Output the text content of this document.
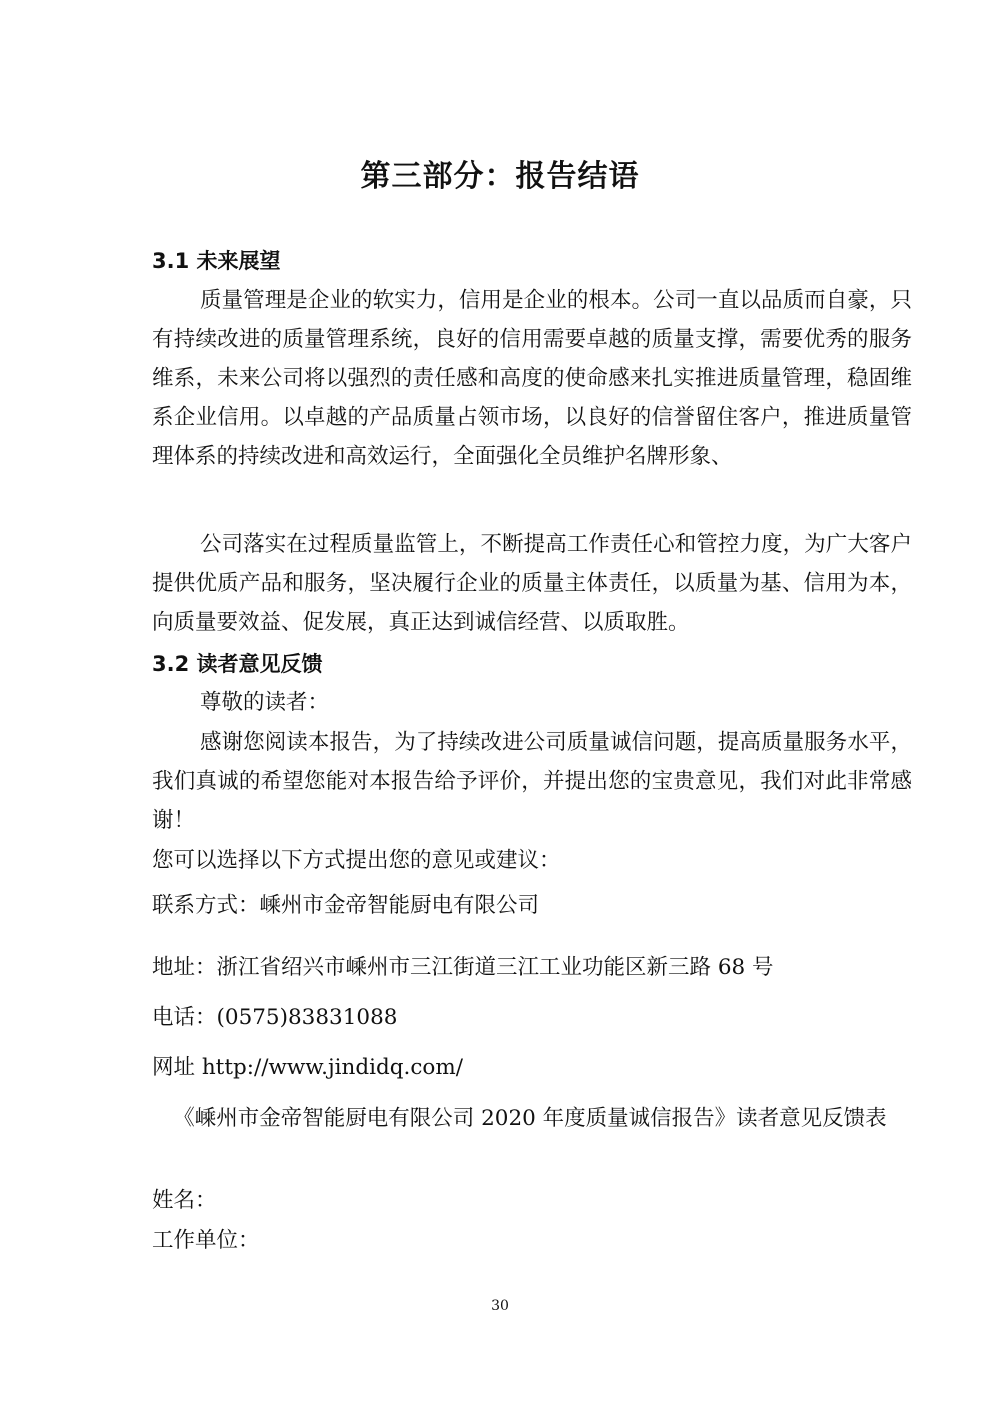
第三部分：报告结语
3.1 未来展望

质量管理是企业的软实力，信用是企业的根本。公司一直以品质而自豪，只有持续改进的质量管理系统，良好的信用需要卓越的质量支撑，需要优秀的服务维系，未来公司将以强烈的责任感和高度的使命感来扎实推进质量管理，稳固维系企业信用。以卓越的产品质量占领市场，以良好的信誉留住客户，推进质量管理体系的持续改进和高效运行，全面强化全员维护名牌形象、

公司落实在过程质量监管上，不断提高工作责任心和管控力度，为广大客户提供优质产品和服务，坚决履行企业的质量主体责任，以质量为基、信用为本，向质量要效益、促发展，真正达到诚信经营、以质取胜。

3.2 读者意见反馈
尊敬的读者：

感谢您阅读本报告，为了持续改进公司质量诚信问题，提高质量服务水平，我们真诚的希望您能对本报告给予评价，并提出您的宝贵意见，我们对此非常感谢！

您可以选择以下方式提出您的意见或建议：
联系方式：嵊州市金帝智能厨电有限公司
地址：浙江省绍兴市嵊州市三江街道三江工业功能区新三路 68 号
电话：(0575)83831088
网址 http://www.jindidq.com/

《嵊州市金帝智能厨电有限公司 2020 年度质量诚信报告》读者意见反馈表

姓名：
工作单位：
30
